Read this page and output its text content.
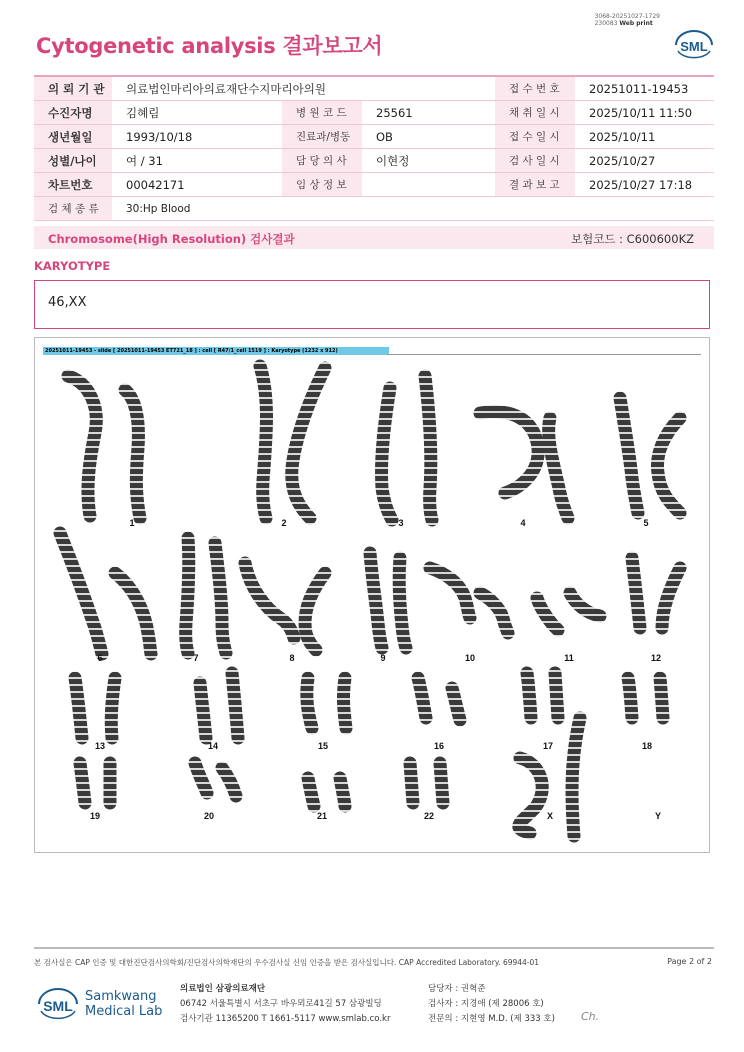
3068-20251027-1729
230083 Web print
Cytogenetic analysis 결과보고서	SML
의 뢰 기 관	의료법인마리아의료재단수지마리아의원			접 수 번 호	20251011-19453
수진자명	김혜림	병 원 코 드	25561	채 취 일 시	2025/10/11 11:50
생년월일	1993/10/18	진료과/병동	OB	접 수 일 시	2025/10/11
성별/나이	여 / 31	담 당 의 사	이현정	검 사 일 시	2025/10/27
차트번호	00042171	임 상 정 보		결 과 보 고	2025/10/27 17:18
검 체 종 류	30:Hp Blood				
Chromosome(High Resolution) 검사결과	보험코드 : C600600KZ
KARYOTYPE
46,XX
20251011-19453 - slide [ 20251011-19453 ET721_18 ] : cell [ R47/1_cell 1519 ] : Karyotype (1232 x 912)
1	2	3	4	5
6	7	8	9	10	11	12
13	14	15	16	17	18
19	20	21	22	X	Y
본 검사실은 CAP 인증 및 대한진단검사의학회/진단검사의학재단의 우수검사실 신임 인증을 받은 검사실입니다. CAP Accredited Laboratory. 69944-01	Page 2 of 2
SML
Samkwang
Medical Lab
의료법인 삼광의료재단
06742 서울특별시 서초구 바우뫼로41길 57 삼광빌딩
검사기관 11365200 T 1661-5117 www.smlab.co.kr
담당자 : 권혁준
검사자 : 지경애 (제 28006 호)
전문의 : 지현영 M.D. (제 333 호) Ch.
